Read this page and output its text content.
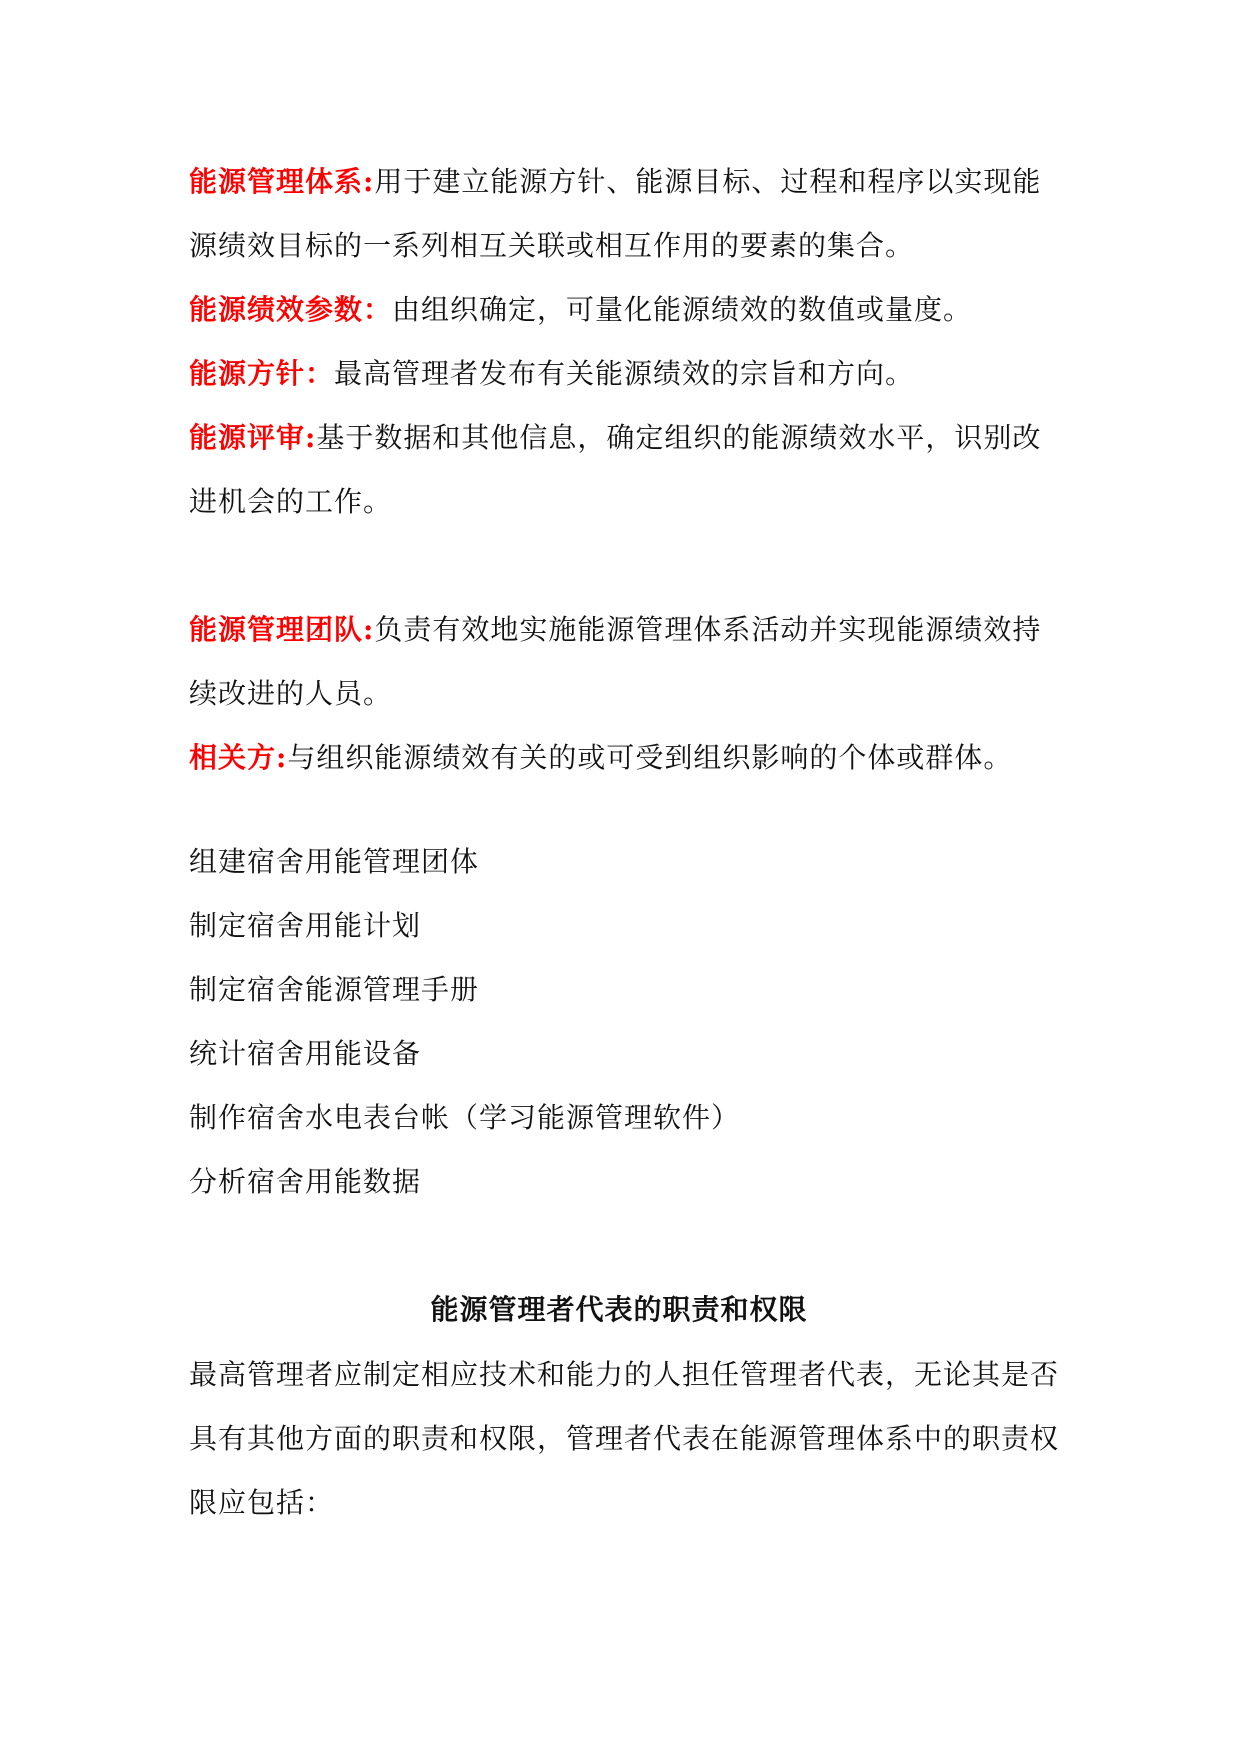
能源管理体系:用于建立能源方针、能源目标、过程和程序以实现能源绩效目标的一系列相互关联或相互作用的要素的集合。

能源绩效参数：由组织确定，可量化能源绩效的数值或量度。

能源方针：最高管理者发布有关能源绩效的宗旨和方向。

能源评审:基于数据和其他信息，确定组织的能源绩效水平，识别改进机会的工作。

能源管理团队:负责有效地实施能源管理体系活动并实现能源绩效持续改进的人员。

相关方:与组织能源绩效有关的或可受到组织影响的个体或群体。

组建宿舍用能管理团体

制定宿舍用能计划

制定宿舍能源管理手册

统计宿舍用能设备

制作宿舍水电表台帐（学习能源管理软件）

分析宿舍用能数据

能源管理者代表的职责和权限

最高管理者应制定相应技术和能力的人担任管理者代表，无论其是否具有其他方面的职责和权限，管理者代表在能源管理体系中的职责权限应包括：
